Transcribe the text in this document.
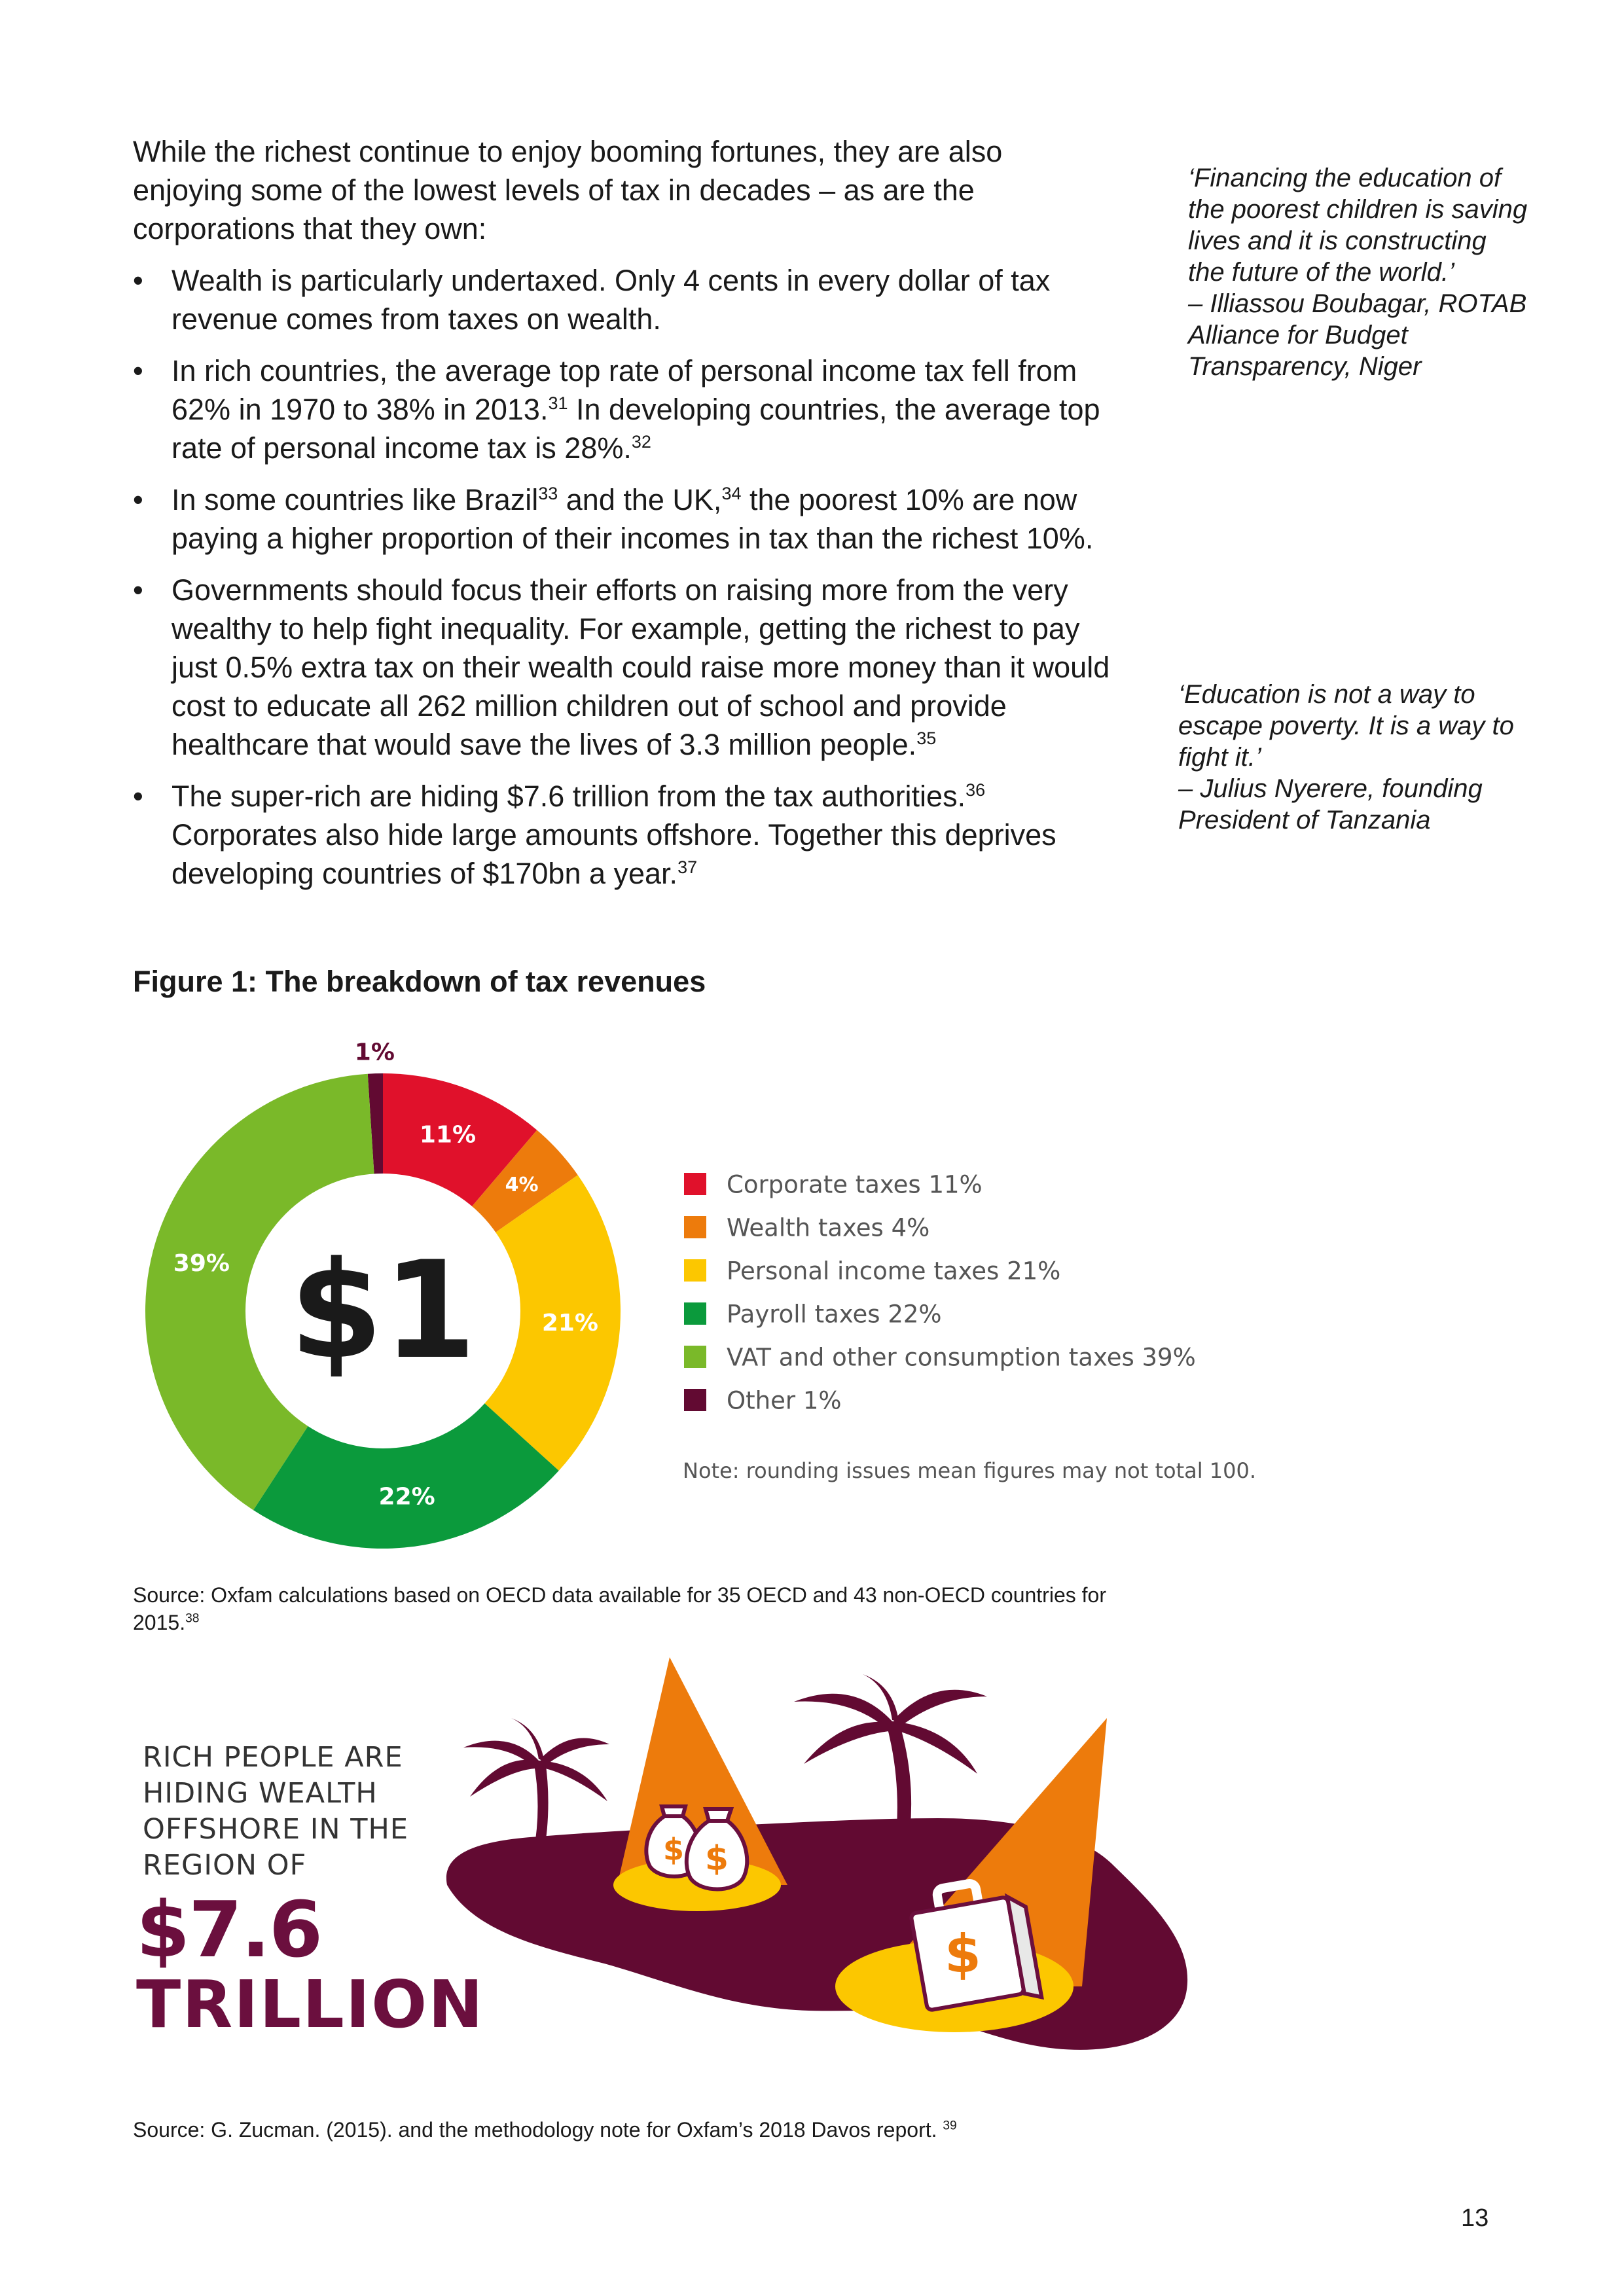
While the richest continue to enjoy booming fortunes, they are also enjoying some of the lowest levels of tax in decades – as are the corporations that they own:

• Wealth is particularly undertaxed. Only 4 cents in every dollar of tax revenue comes from taxes on wealth.
• In rich countries, the average top rate of personal income tax fell from 62% in 1970 to 38% in 2013.31 In developing countries, the average top rate of personal income tax is 28%.$^{32}$
• In some countries like Brazil$^{33}$ and the UK,$^{34}$ the poorest 10% are now paying a higher proportion of their incomes in tax than the richest 10%.
• Governments should focus their efforts on raising more from the very wealthy to help fight inequality. For example, getting the richest to pay just 0.5% extra tax on their wealth could raise more money than it would cost to educate all 262 million children out of school and provide healthcare that would save the lives of 3.3 million people.$^{35}$
• The super-rich are hiding $7.6 trillion from the tax authorities.$^{36}$ Corporates also hide large amounts offshore. Together this deprives developing countries of $170bn a year.$^{37}$

‘Financing the education of the poorest children is saving lives and it is constructing the future of the world.’

– Illiassou Boubagar, ROTAB Alliance for Budget Transparency, Niger

‘Education is not a way to escape poverty. It is a way to fight it.’

– Julius Nyerere, founding President of Tanzania

Figure 1: The breakdown of tax revenues
$1
1%
11%
4%
21%
22%
39%
Corporate taxes 11%
Wealth taxes 4%
Personal income taxes 21%
Payroll taxes 22%
VAT and other consumption taxes 39%
Other 1%
Note: rounding issues mean figures may not total 100.
Source: Oxfam calculations based on OECD data available for 35 OECD and 43 non-OECD countries for 2015.38
$ $
$
RICH PEOPLE ARE HIDING WEALTH OFFSHORE IN THE REGION OF
$7.6
TRILLION
Source: G. Zucman. (2015). and the methodology note for Oxfam’s 2018 Davos report. $^{39}$
13
